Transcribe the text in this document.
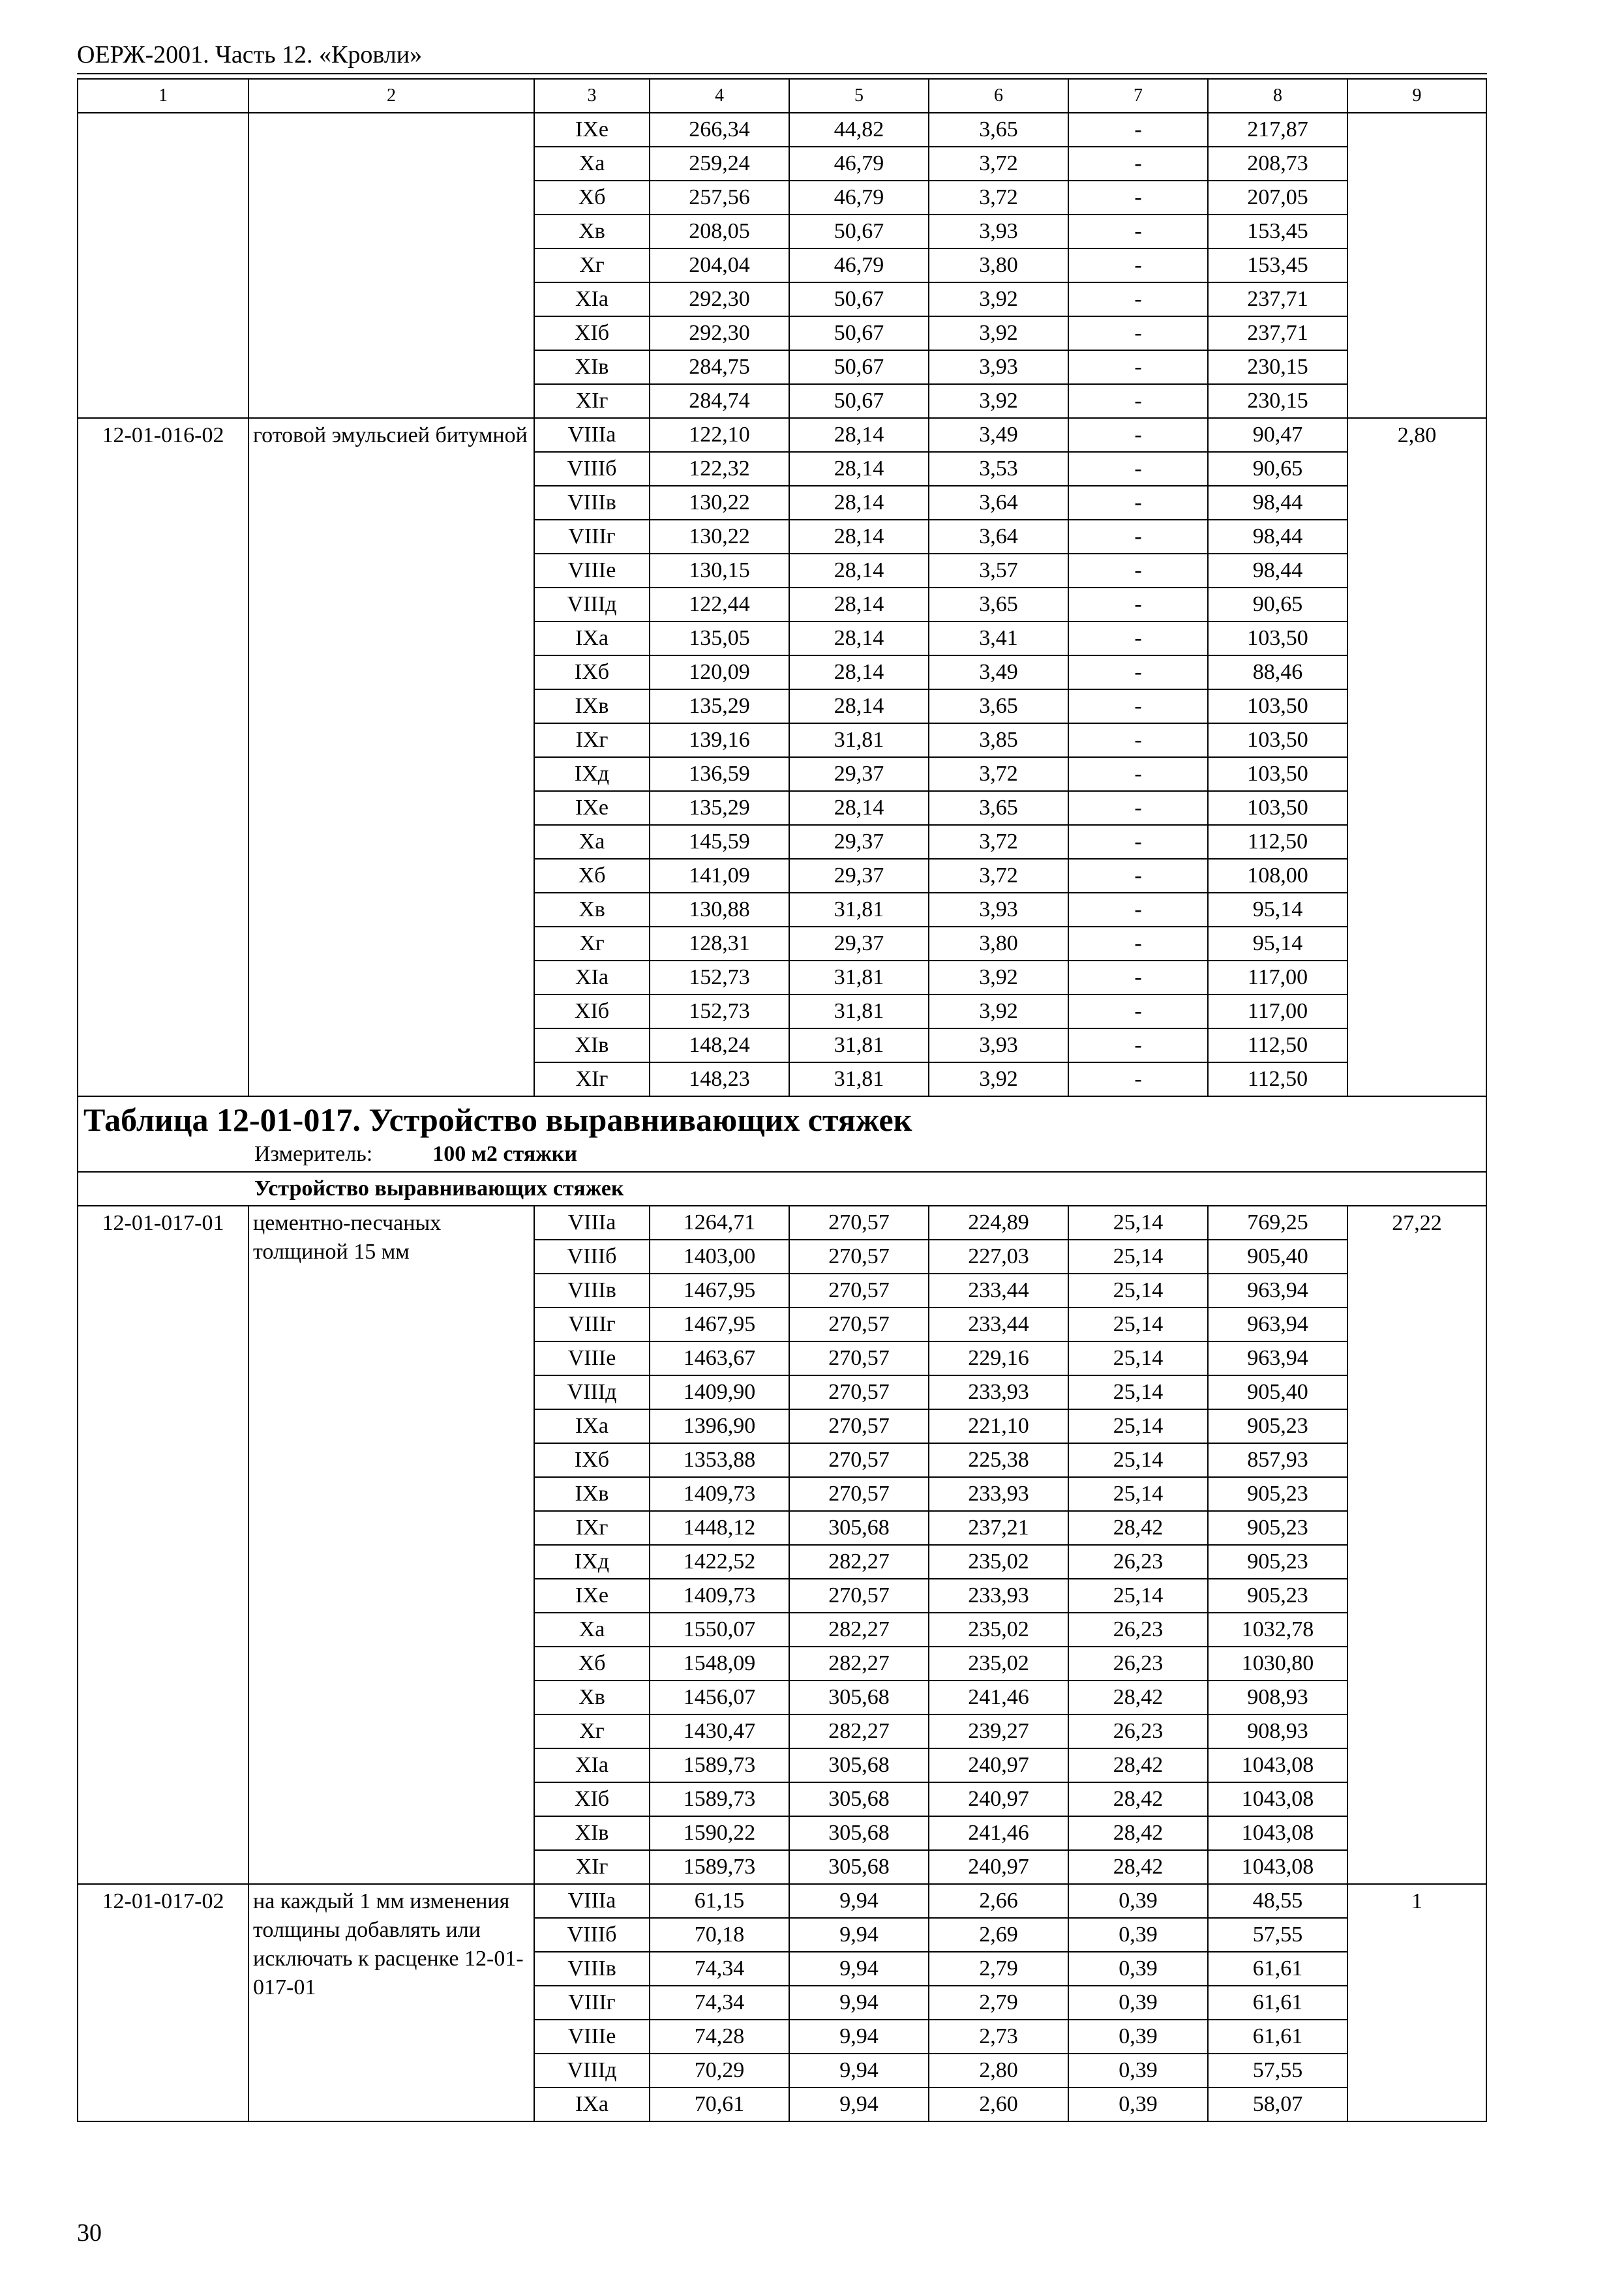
ОЕРЖ-2001. Часть 12. «Кровли»
1	2	3	4	5	6	7	8	9
		IXe	266,34	44,82	3,65	-	217,87	
		Xa	259,24	46,79	3,72	-	208,73	
		Xб	257,56	46,79	3,72	-	207,05	
		Xв	208,05	50,67	3,93	-	153,45	
		Xг	204,04	46,79	3,80	-	153,45	
		XIa	292,30	50,67	3,92	-	237,71	
		XIб	292,30	50,67	3,92	-	237,71	
		XIв	284,75	50,67	3,93	-	230,15	
		XIг	284,74	50,67	3,92	-	230,15	
12-01-016-02	готовой эмульсией битумной	VIIIa	122,10	28,14	3,49	-	90,47	2,80
		VIIIб	122,32	28,14	3,53	-	90,65	
		VIIIв	130,22	28,14	3,64	-	98,44	
		VIIIг	130,22	28,14	3,64	-	98,44	
		VIIIe	130,15	28,14	3,57	-	98,44	
		VIIIд	122,44	28,14	3,65	-	90,65	
		IXa	135,05	28,14	3,41	-	103,50	
		IXб	120,09	28,14	3,49	-	88,46	
		IXв	135,29	28,14	3,65	-	103,50	
		IXг	139,16	31,81	3,85	-	103,50	
		IXд	136,59	29,37	3,72	-	103,50	
		IXe	135,29	28,14	3,65	-	103,50	
		Xa	145,59	29,37	3,72	-	112,50	
		Xб	141,09	29,37	3,72	-	108,00	
		Xв	130,88	31,81	3,93	-	95,14	
		Xг	128,31	29,37	3,80	-	95,14	
		XIa	152,73	31,81	3,92	-	117,00	
		XIб	152,73	31,81	3,92	-	117,00	
		XIв	148,24	31,81	3,93	-	112,50	
		XIг	148,23	31,81	3,92	-	112,50	

Таблица 12-01-017. Устройство выравнивающих стяжек
Измеритель: 100 м2 стяжки								

Устройство выравнивающих стяжек								
12-01-017-01	цементно-песчаных толщиной 15 мм	VIIIa	1264,71	270,57	224,89	25,14	769,25	27,22
		VIIIб	1403,00	270,57	227,03	25,14	905,40	
		VIIIв	1467,95	270,57	233,44	25,14	963,94	
		VIIIг	1467,95	270,57	233,44	25,14	963,94	
		VIIIe	1463,67	270,57	229,16	25,14	963,94	
		VIIIд	1409,90	270,57	233,93	25,14	905,40	
		IXa	1396,90	270,57	221,10	25,14	905,23	
		IXб	1353,88	270,57	225,38	25,14	857,93	
		IXв	1409,73	270,57	233,93	25,14	905,23	
		IXг	1448,12	305,68	237,21	28,42	905,23	
		IXд	1422,52	282,27	235,02	26,23	905,23	
		IXe	1409,73	270,57	233,93	25,14	905,23	
		Xa	1550,07	282,27	235,02	26,23	1032,78	
		Xб	1548,09	282,27	235,02	26,23	1030,80	
		Xв	1456,07	305,68	241,46	28,42	908,93	
		Xг	1430,47	282,27	239,27	26,23	908,93	
		XIa	1589,73	305,68	240,97	28,42	1043,08	
		XIб	1589,73	305,68	240,97	28,42	1043,08	
		XIв	1590,22	305,68	241,46	28,42	1043,08	
		XIг	1589,73	305,68	240,97	28,42	1043,08	
12-01-017-02	на каждый 1 мм изменения толщины добавлять или исключать к расценке 12-01-017-01	VIIIa	61,15	9,94	2,66	0,39	48,55	1
		VIIIб	70,18	9,94	2,69	0,39	57,55	
		VIIIв	74,34	9,94	2,79	0,39	61,61	
		VIIIг	74,34	9,94	2,79	0,39	61,61	
		VIIIe	74,28	9,94	2,73	0,39	61,61	
		VIIIд	70,29	9,94	2,80	0,39	57,55	
		IXa	70,61	9,94	2,60	0,39	58,07	
30
